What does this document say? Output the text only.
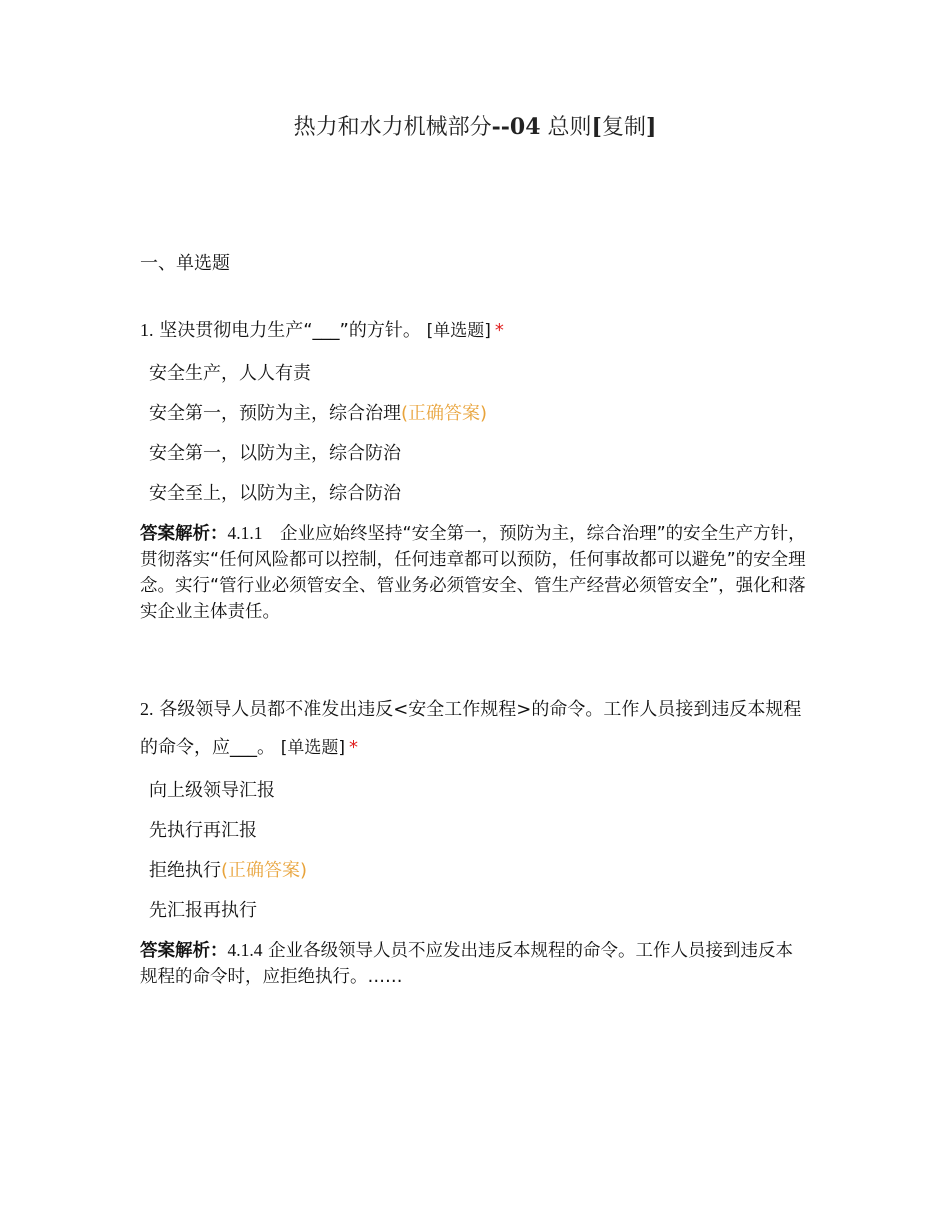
热力和水力机械部分--04 总则[复制]
一、单选题

1. 坚决贯彻电力生产“___”的方针。 [单选题] *

安全生产，人人有责
安全第一，预防为主，综合治理(正确答案)
安全第一，以防为主，综合防治
安全至上，以防为主，综合防治
答案解析：4.1.1　企业应始终坚持“安全第一，预防为主，综合治理”的安全生产方针，贯彻落实“任何风险都可以控制，任何违章都可以预防，任何事故都可以避免”的安全理念。实行“管行业必须管安全、管业务必须管安全、管生产经营必须管安全”，强化和落实企业主体责任。

2. 各级领导人员都不准发出违反<安全工作规程>的命令。工作人员接到违反本规程的命令，应___。 [单选题] *

向上级领导汇报
先执行再汇报
拒绝执行(正确答案)
先汇报再执行
答案解析：4.1.4 企业各级领导人员不应发出违反本规程的命令。工作人员接到违反本规程的命令时，应拒绝执行。……
